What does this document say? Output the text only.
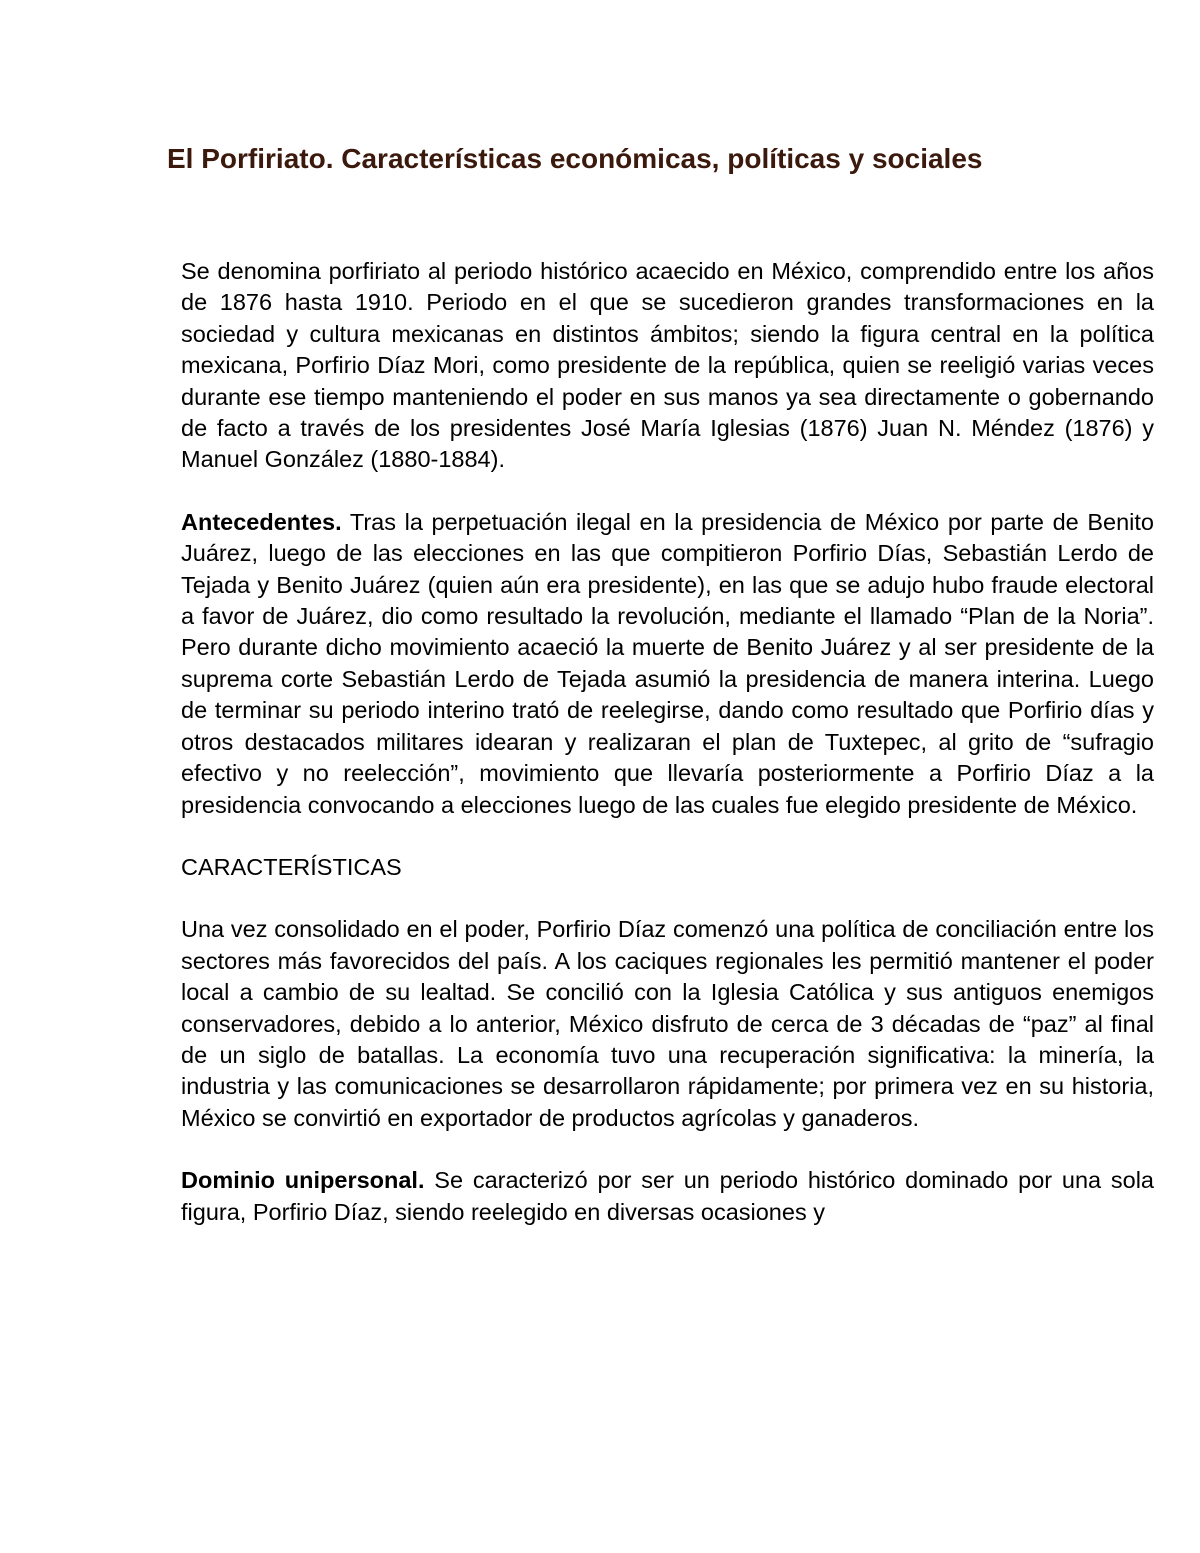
El Porfiriato. Características económicas, políticas y sociales

Se denomina porfiriato al periodo histórico acaecido en México, comprendido entre los años de 1876 hasta 1910. Periodo en el que se sucedieron grandes transformaciones en la sociedad y cultura mexicanas en distintos ámbitos; siendo la figura central en la política mexicana, Porfirio Díaz Mori, como presidente de la república, quien se reeligió varias veces durante ese tiempo manteniendo el poder en sus manos ya sea directamente o gobernando de facto a través de los presidentes José María Iglesias (1876) Juan N. Méndez (1876) y Manuel González (1880-1884).

Antecedentes. Tras la perpetuación ilegal en la presidencia de México por parte de Benito Juárez, luego de las elecciones en las que compitieron Porfirio Días, Sebastián Lerdo de Tejada y Benito Juárez (quien aún era presidente), en las que se adujo hubo fraude electoral a favor de Juárez, dio como resultado la revolución, mediante el llamado “Plan de la Noria”. Pero durante dicho movimiento acaeció la muerte de Benito Juárez y al ser presidente de la suprema corte Sebastián Lerdo de Tejada asumió la presidencia de manera interina. Luego de terminar su periodo interino trató de reelegirse, dando como resultado que Porfirio días y otros destacados militares idearan y realizaran el plan de Tuxtepec, al grito de “sufragio efectivo y no reelección”, movimiento que llevaría posteriormente a Porfirio Díaz a la presidencia convocando a elecciones luego de las cuales fue elegido presidente de México.

CARACTERÍSTICAS

Una vez consolidado en el poder, Porfirio Díaz comenzó una política de conciliación entre los sectores más favorecidos del país. A los caciques regionales les permitió mantener el poder local a cambio de su lealtad. Se concilió con la Iglesia Católica y sus antiguos enemigos conservadores, debido a lo anterior, México disfruto de cerca de 3 décadas de “paz” al final de un siglo de batallas. La economía tuvo una recuperación significativa: la minería, la industria y las comunicaciones se desarrollaron rápidamente; por primera vez en su historia, México se convirtió en exportador de productos agrícolas y ganaderos.

Dominio unipersonal. Se caracterizó por ser un periodo histórico dominado por una sola figura, Porfirio Díaz, siendo reelegido en diversas ocasiones y
